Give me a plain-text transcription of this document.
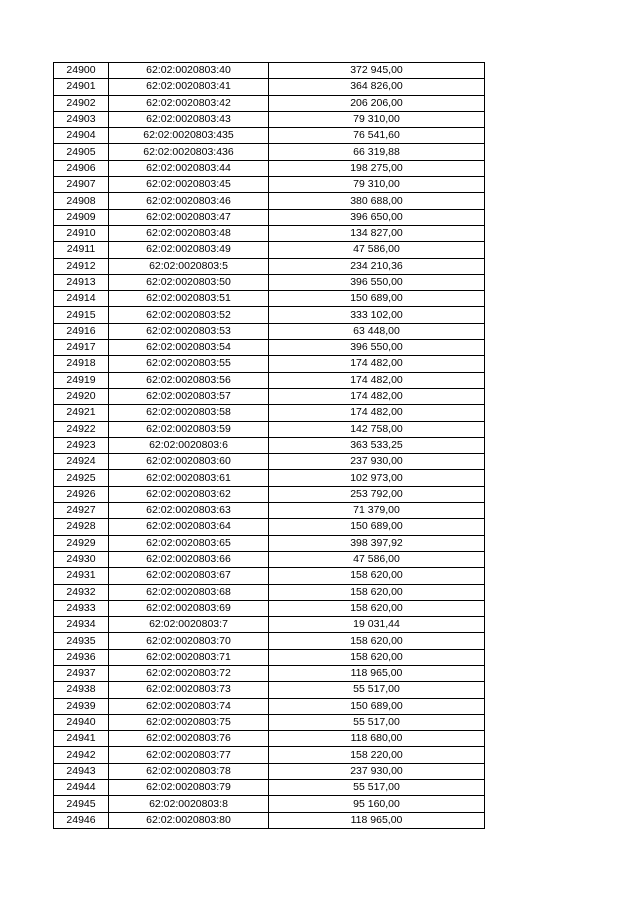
24900	62:02:0020803:40	372 945,00
24901	62:02:0020803:41	364 826,00
24902	62:02:0020803:42	206 206,00
24903	62:02:0020803:43	79 310,00
24904	62:02:0020803:435	76 541,60
24905	62:02:0020803:436	66 319,88
24906	62:02:0020803:44	198 275,00
24907	62:02:0020803:45	79 310,00
24908	62:02:0020803:46	380 688,00
24909	62:02:0020803:47	396 650,00
24910	62:02:0020803:48	134 827,00
24911	62:02:0020803:49	47 586,00
24912	62:02:0020803:5	234 210,36
24913	62:02:0020803:50	396 550,00
24914	62:02:0020803:51	150 689,00
24915	62:02:0020803:52	333 102,00
24916	62:02:0020803:53	63 448,00
24917	62:02:0020803:54	396 550,00
24918	62:02:0020803:55	174 482,00
24919	62:02:0020803:56	174 482,00
24920	62:02:0020803:57	174 482,00
24921	62:02:0020803:58	174 482,00
24922	62:02:0020803:59	142 758,00
24923	62:02:0020803:6	363 533,25
24924	62:02:0020803:60	237 930,00
24925	62:02:0020803:61	102 973,00
24926	62:02:0020803:62	253 792,00
24927	62:02:0020803:63	71 379,00
24928	62:02:0020803:64	150 689,00
24929	62:02:0020803:65	398 397,92
24930	62:02:0020803:66	47 586,00
24931	62:02:0020803:67	158 620,00
24932	62:02:0020803:68	158 620,00
24933	62:02:0020803:69	158 620,00
24934	62:02:0020803:7	19 031,44
24935	62:02:0020803:70	158 620,00
24936	62:02:0020803:71	158 620,00
24937	62:02:0020803:72	118 965,00
24938	62:02:0020803:73	55 517,00
24939	62:02:0020803:74	150 689,00
24940	62:02:0020803:75	55 517,00
24941	62:02:0020803:76	118 680,00
24942	62:02:0020803:77	158 220,00
24943	62:02:0020803:78	237 930,00
24944	62:02:0020803:79	55 517,00
24945	62:02:0020803:8	95 160,00
24946	62:02:0020803:80	118 965,00
